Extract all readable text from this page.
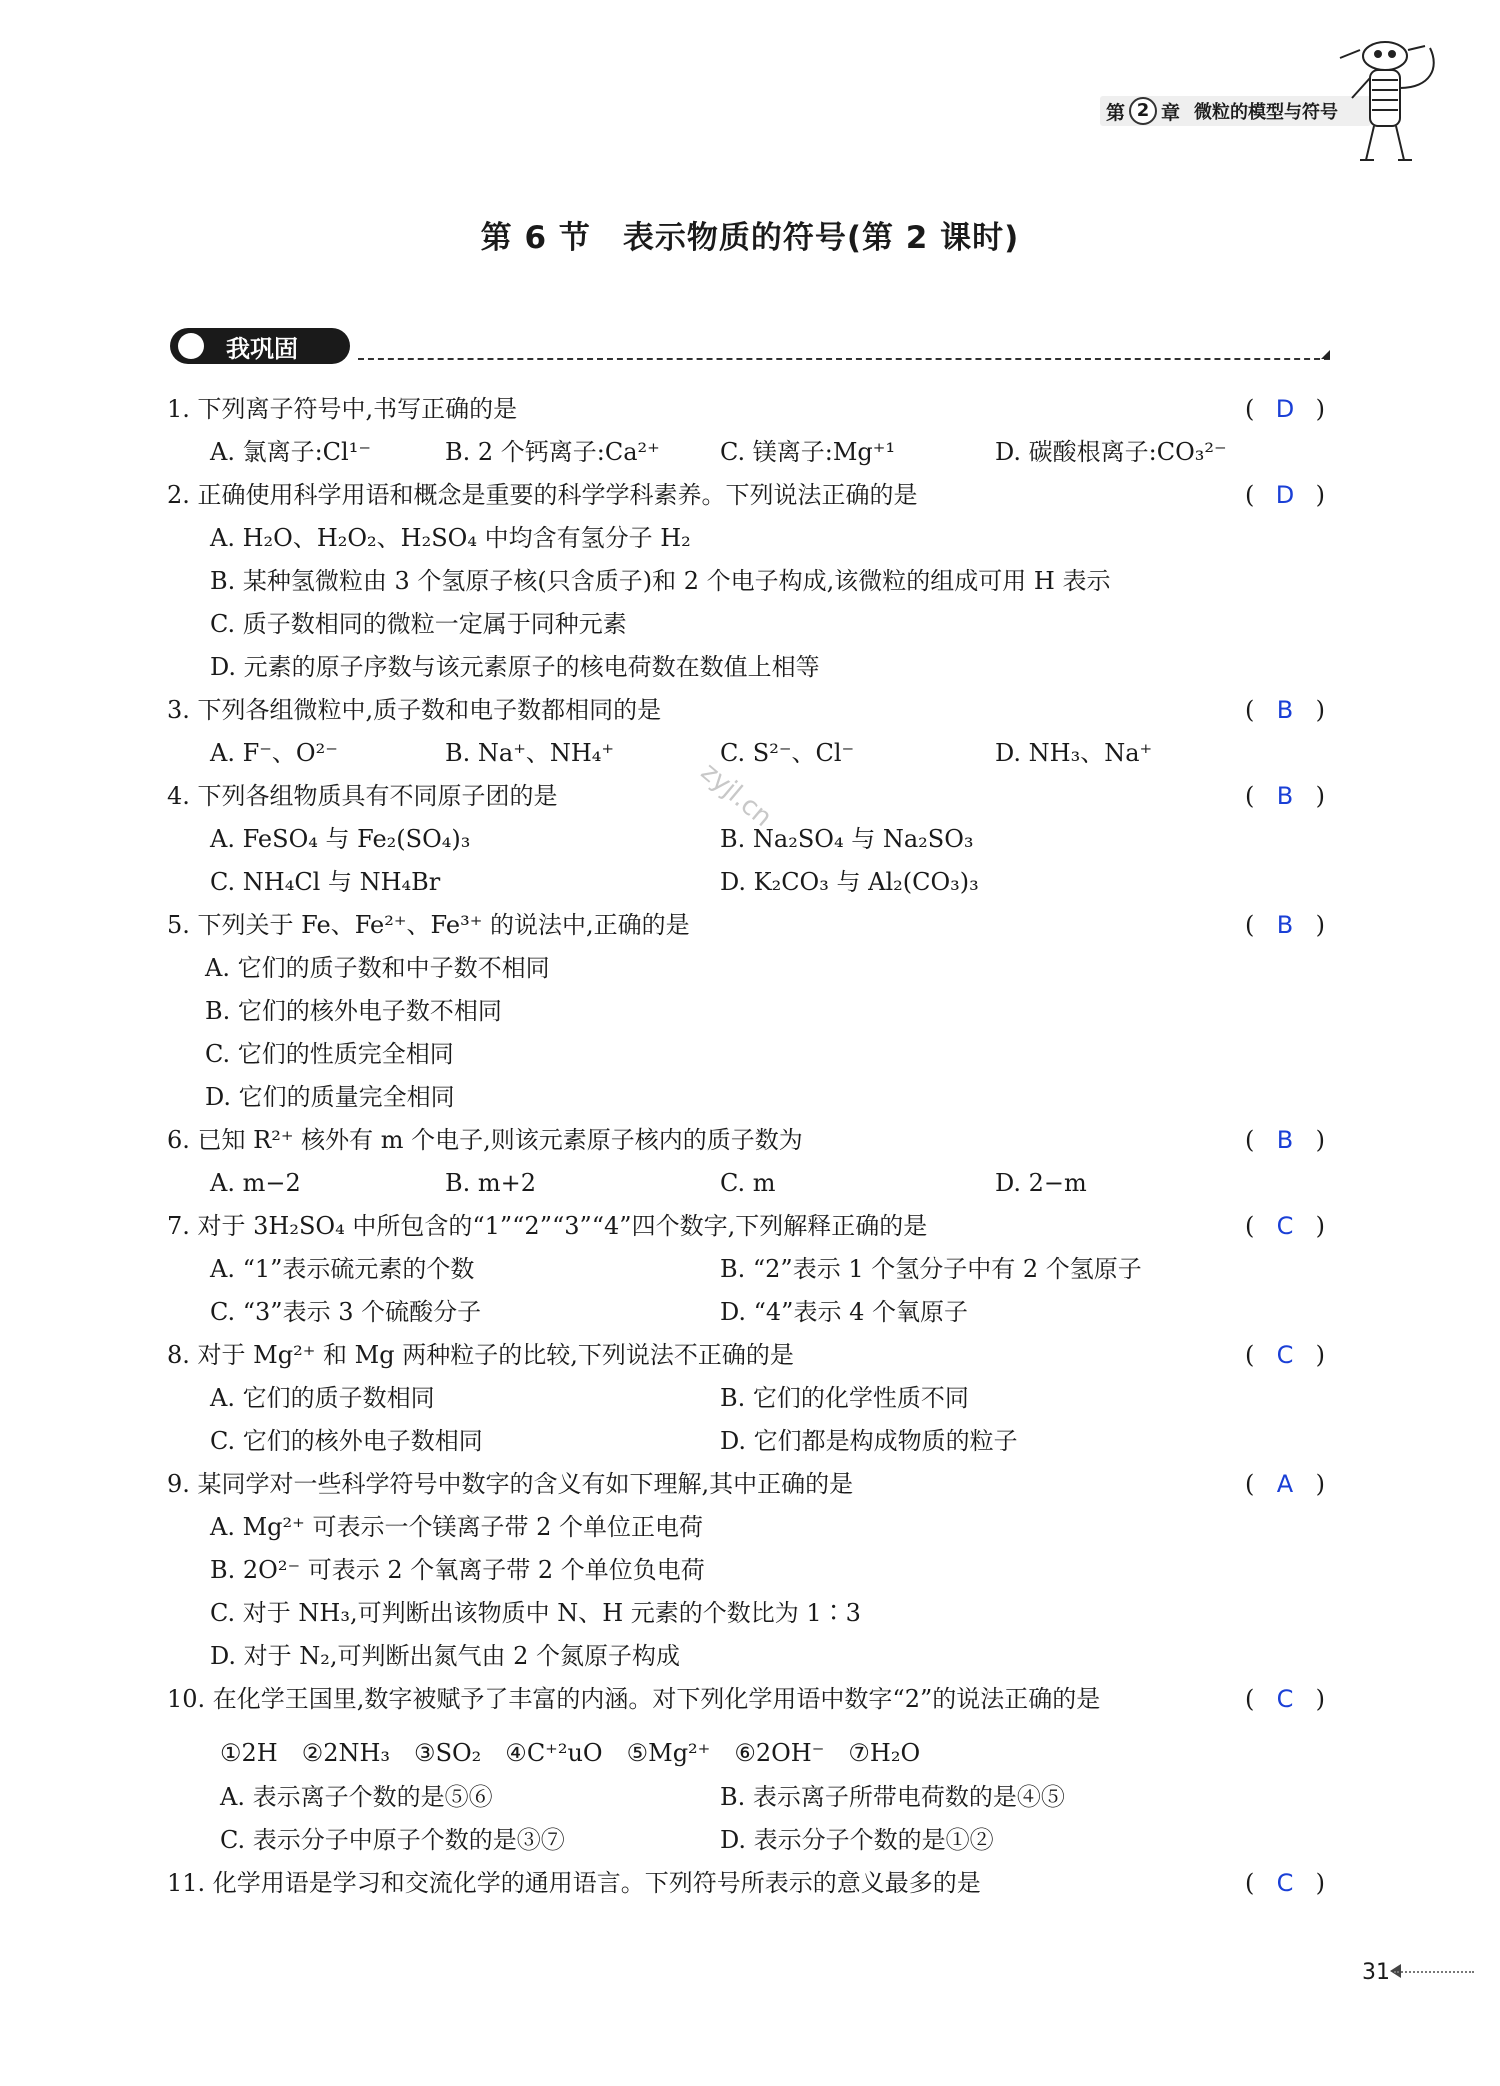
第 2 章 微粒的模型与符号
第 6 节　表示物质的符号(第 2 课时)
我巩固
zyjl.cn
1. 下列离子符号中,书写正确的是	( D )
A. 氯离子:Cl¹⁻	B. 2 个钙离子:Ca²⁺	C. 镁离子:Mg⁺¹	D. 碳酸根离子:CO₃²⁻
2. 正确使用科学用语和概念是重要的科学学科素养。下列说法正确的是	( D )
A. H₂O、H₂O₂、H₂SO₄ 中均含有氢分子 H₂
B. 某种氢微粒由 3 个氢原子核(只含质子)和 2 个电子构成,该微粒的组成可用 H 表示
C. 质子数相同的微粒一定属于同种元素
D. 元素的原子序数与该元素原子的核电荷数在数值上相等
3. 下列各组微粒中,质子数和电子数都相同的是	( B )
A. F⁻、O²⁻	B. Na⁺、NH₄⁺	C. S²⁻、Cl⁻	D. NH₃、Na⁺
4. 下列各组物质具有不同原子团的是	( B )
A. FeSO₄ 与 Fe₂(SO₄)₃	B. Na₂SO₄ 与 Na₂SO₃
C. NH₄Cl 与 NH₄Br	D. K₂CO₃ 与 Al₂(CO₃)₃
5. 下列关于 Fe、Fe²⁺、Fe³⁺ 的说法中,正确的是	( B )
A. 它们的质子数和中子数不相同
B. 它们的核外电子数不相同
C. 它们的性质完全相同
D. 它们的质量完全相同
6. 已知 R²⁺ 核外有 m 个电子,则该元素原子核内的质子数为	( B )
A. m−2	B. m+2	C. m	D. 2−m
7. 对于 3H₂SO₄ 中所包含的“1”“2”“3”“4”四个数字,下列解释正确的是	( C )
A. “1”表示硫元素的个数	B. “2”表示 1 个氢分子中有 2 个氢原子
C. “3”表示 3 个硫酸分子	D. “4”表示 4 个氧原子
8. 对于 Mg²⁺ 和 Mg 两种粒子的比较,下列说法不正确的是	( C )
A. 它们的质子数相同	B. 它们的化学性质不同
C. 它们的核外电子数相同	D. 它们都是构成物质的粒子
9. 某同学对一些科学符号中数字的含义有如下理解,其中正确的是	( A )
A. Mg²⁺ 可表示一个镁离子带 2 个单位正电荷
B. 2O²⁻ 可表示 2 个氧离子带 2 个单位负电荷
C. 对于 NH₃,可判断出该物质中 N、H 元素的个数比为 1∶3
D. 对于 N₂,可判断出氮气由 2 个氮原子构成
10. 在化学王国里,数字被赋予了丰富的内涵。对下列化学用语中数字“2”的说法正确的是	( C )
①2H　②2NH₃　③SO₂　④C⁺²uO　⑤Mg²⁺　⑥2OH⁻　⑦H₂O
A. 表示离子个数的是⑤⑥	B. 表示离子所带电荷数的是④⑤
C. 表示分子中原子个数的是③⑦	D. 表示分子个数的是①②
11. 化学用语是学习和交流化学的通用语言。下列符号所表示的意义最多的是	( C )
31
